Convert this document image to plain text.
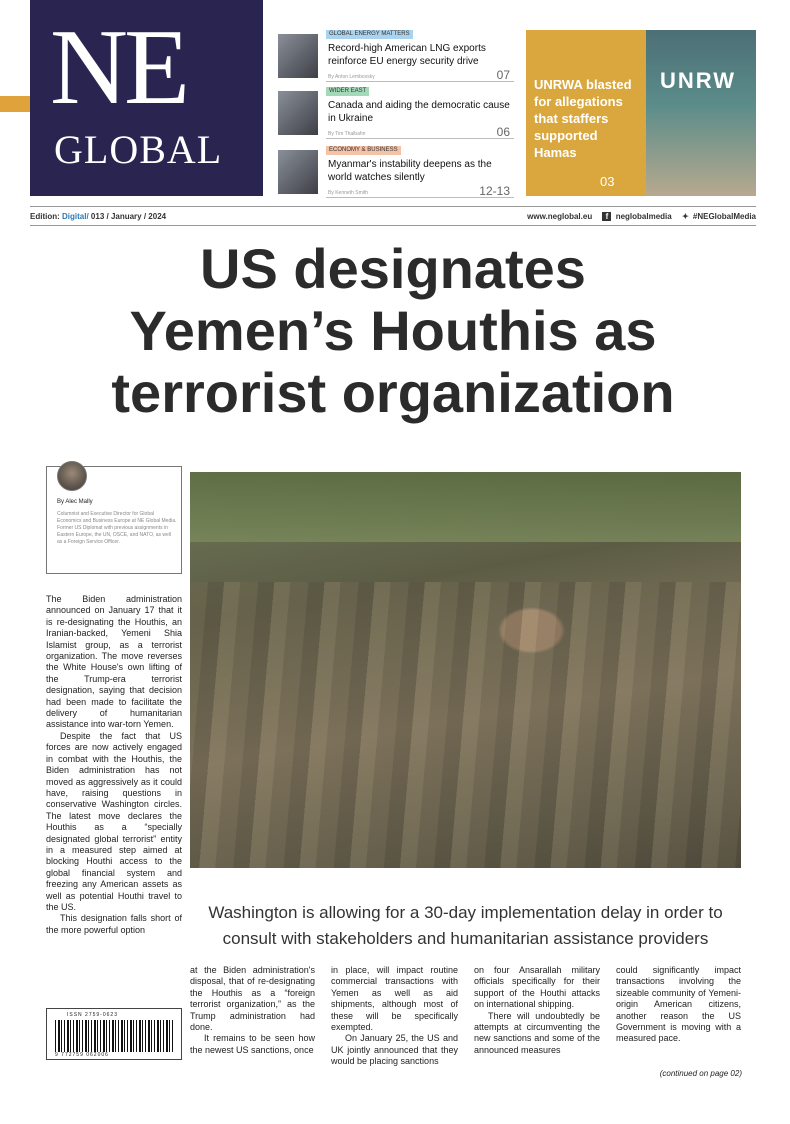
NE
GLOBAL
GLOBAL ENERGY MATTERS
Record-high American LNG exports reinforce EU energy security drive
By Anton Lembovsky	07
WIDER EAST
Canada and aiding the democratic cause in Ukraine
By Tim Thalbahn	06
ECONOMY & BUSINESS
Myanmar's instability deepens as the world watches silently
By Kenneth Smith	12-13
UNRW
UNRWA blasted for allegations that staffers supported Hamas
03
Edition: Digital/ 013 / January / 2024	www.neglobal.eu f neglobalmedia ✦ #NEGlobalMedia
US designates
Yemen’s Houthis as
terrorist organization
By Alec Mally
Columnist and Executive Director for Global Economics and Business Europe at NE Global Media. Former US Diplomat with previous assignments in Eastern Europe, the UN, OSCE, and NATO, as well as a Foreign Service Officer.

The Biden administration announced on January 17 that it is re-designating the Houthis, an Iranian-backed, Yemeni Shia Islamist group, as a terrorist organization. The move reverses the White House's own lifting of the Trump-era terrorist designation, saying that decision had been made to facilitate the delivery of humanitarian assistance into war-torn Yemen.

Despite the fact that US forces are now actively engaged in combat with the Houthis, the Biden administration has not moved as aggressively as it could have, raising questions in conservative Washington circles. The latest move declares the Houthis as a “specially designated global terrorist” entity in a measured step aimed at blocking Houthi access to the global financial system and freezing any American assets as well as potential Houthi travel to the US.

This designation falls short of the more powerful option

Washington is allowing for a 30-day implementation delay in order to consult with stakeholders and humanitarian assistance providers

at the Biden administration's disposal, that of re-designating the Houthis as a “foreign terrorist organization,” as the Trump administration had done.

It remains to be seen how the newest US sanctions, once

in place, will impact routine commercial transactions with Yemen as well as aid shipments, although most of these will be specifically exempted.

On January 25, the US and UK jointly announced that they would be placing sanctions

on four Ansarallah military officials specifically for their support of the Houthi attacks on international shipping.

There will undoubtedly be attempts at circumventing the new sanctions and some of the announced measures

could significantly impact transactions involving the sizeable community of Yemeni-origin American citizens, another reason the US Government is moving with a measured pace.

ISSN 2759-0623
9 772759 062006
(continued on page 02)
